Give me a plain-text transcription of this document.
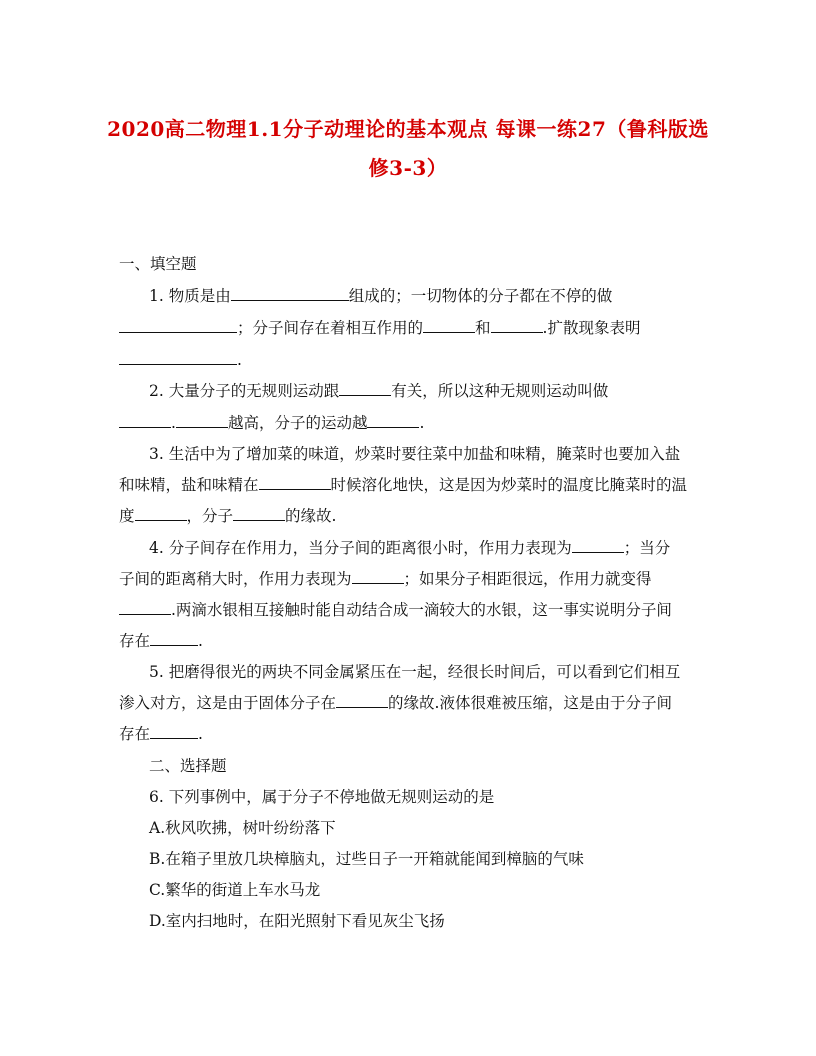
2020高二物理1.1分子动理论的基本观点 每课一练27（鲁科版选
修3-3）
一、填空题
1. 物质是由	组成的；一切物体的分子都在不停的做
；分子间存在着相互作用的	和	.扩散现象表明
.
2. 大量分子的无规则运动跟	有关，所以这种无规则运动叫做
.	越高，分子的运动越	.
3. 生活中为了增加菜的味道，炒菜时要往菜中加盐和味精，腌菜时也要加入盐
和味精，盐和味精在	时候溶化地快，这是因为炒菜时的温度比腌菜时的温
度	，分子	的缘故.
4. 分子间存在作用力，当分子间的距离很小时，作用力表现为	；当分
子间的距离稍大时，作用力表现为	；如果分子相距很远，作用力就变得
.两滴水银相互接触时能自动结合成一滴较大的水银，这一事实说明分子间
存在	.
5. 把磨得很光的两块不同金属紧压在一起，经很长时间后，可以看到它们相互
渗入对方，这是由于固体分子在	的缘故.液体很难被压缩，这是由于分子间
存在	.
二、选择题
6. 下列事例中，属于分子不停地做无规则运动的是
A.秋风吹拂，树叶纷纷落下
B.在箱子里放几块樟脑丸，过些日子一开箱就能闻到樟脑的气味
C.繁华的街道上车水马龙
D.室内扫地时，在阳光照射下看见灰尘飞扬
